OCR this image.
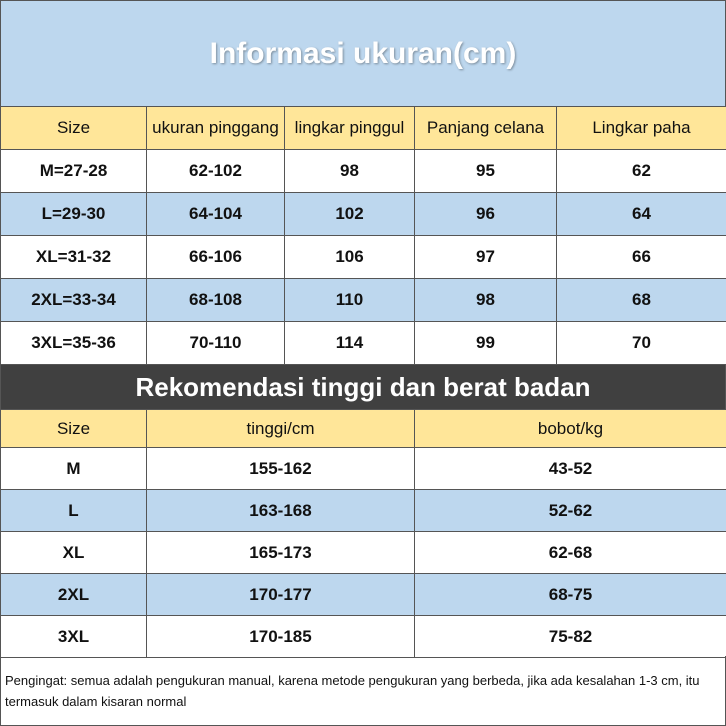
Informasi ukuran(cm)
Size	ukuran pinggang	lingkar pinggul	Panjang celana	Lingkar paha
M=27-28	62-102	98	95	62
L=29-30	64-104	102	96	64
XL=31-32	66-106	106	97	66
2XL=33-34	68-108	110	98	68
3XL=35-36	70-110	114	99	70
Rekomendasi tinggi dan berat badan
Size	tinggi/cm	bobot/kg
M	155-162	43-52
L	163-168	52-62
XL	165-173	62-68
2XL	170-177	68-75
3XL	170-185	75-82
Pengingat: semua adalah pengukuran manual, karena metode pengukuran yang berbeda, jika ada kesalahan 1-3 cm, itu termasuk dalam kisaran normal
